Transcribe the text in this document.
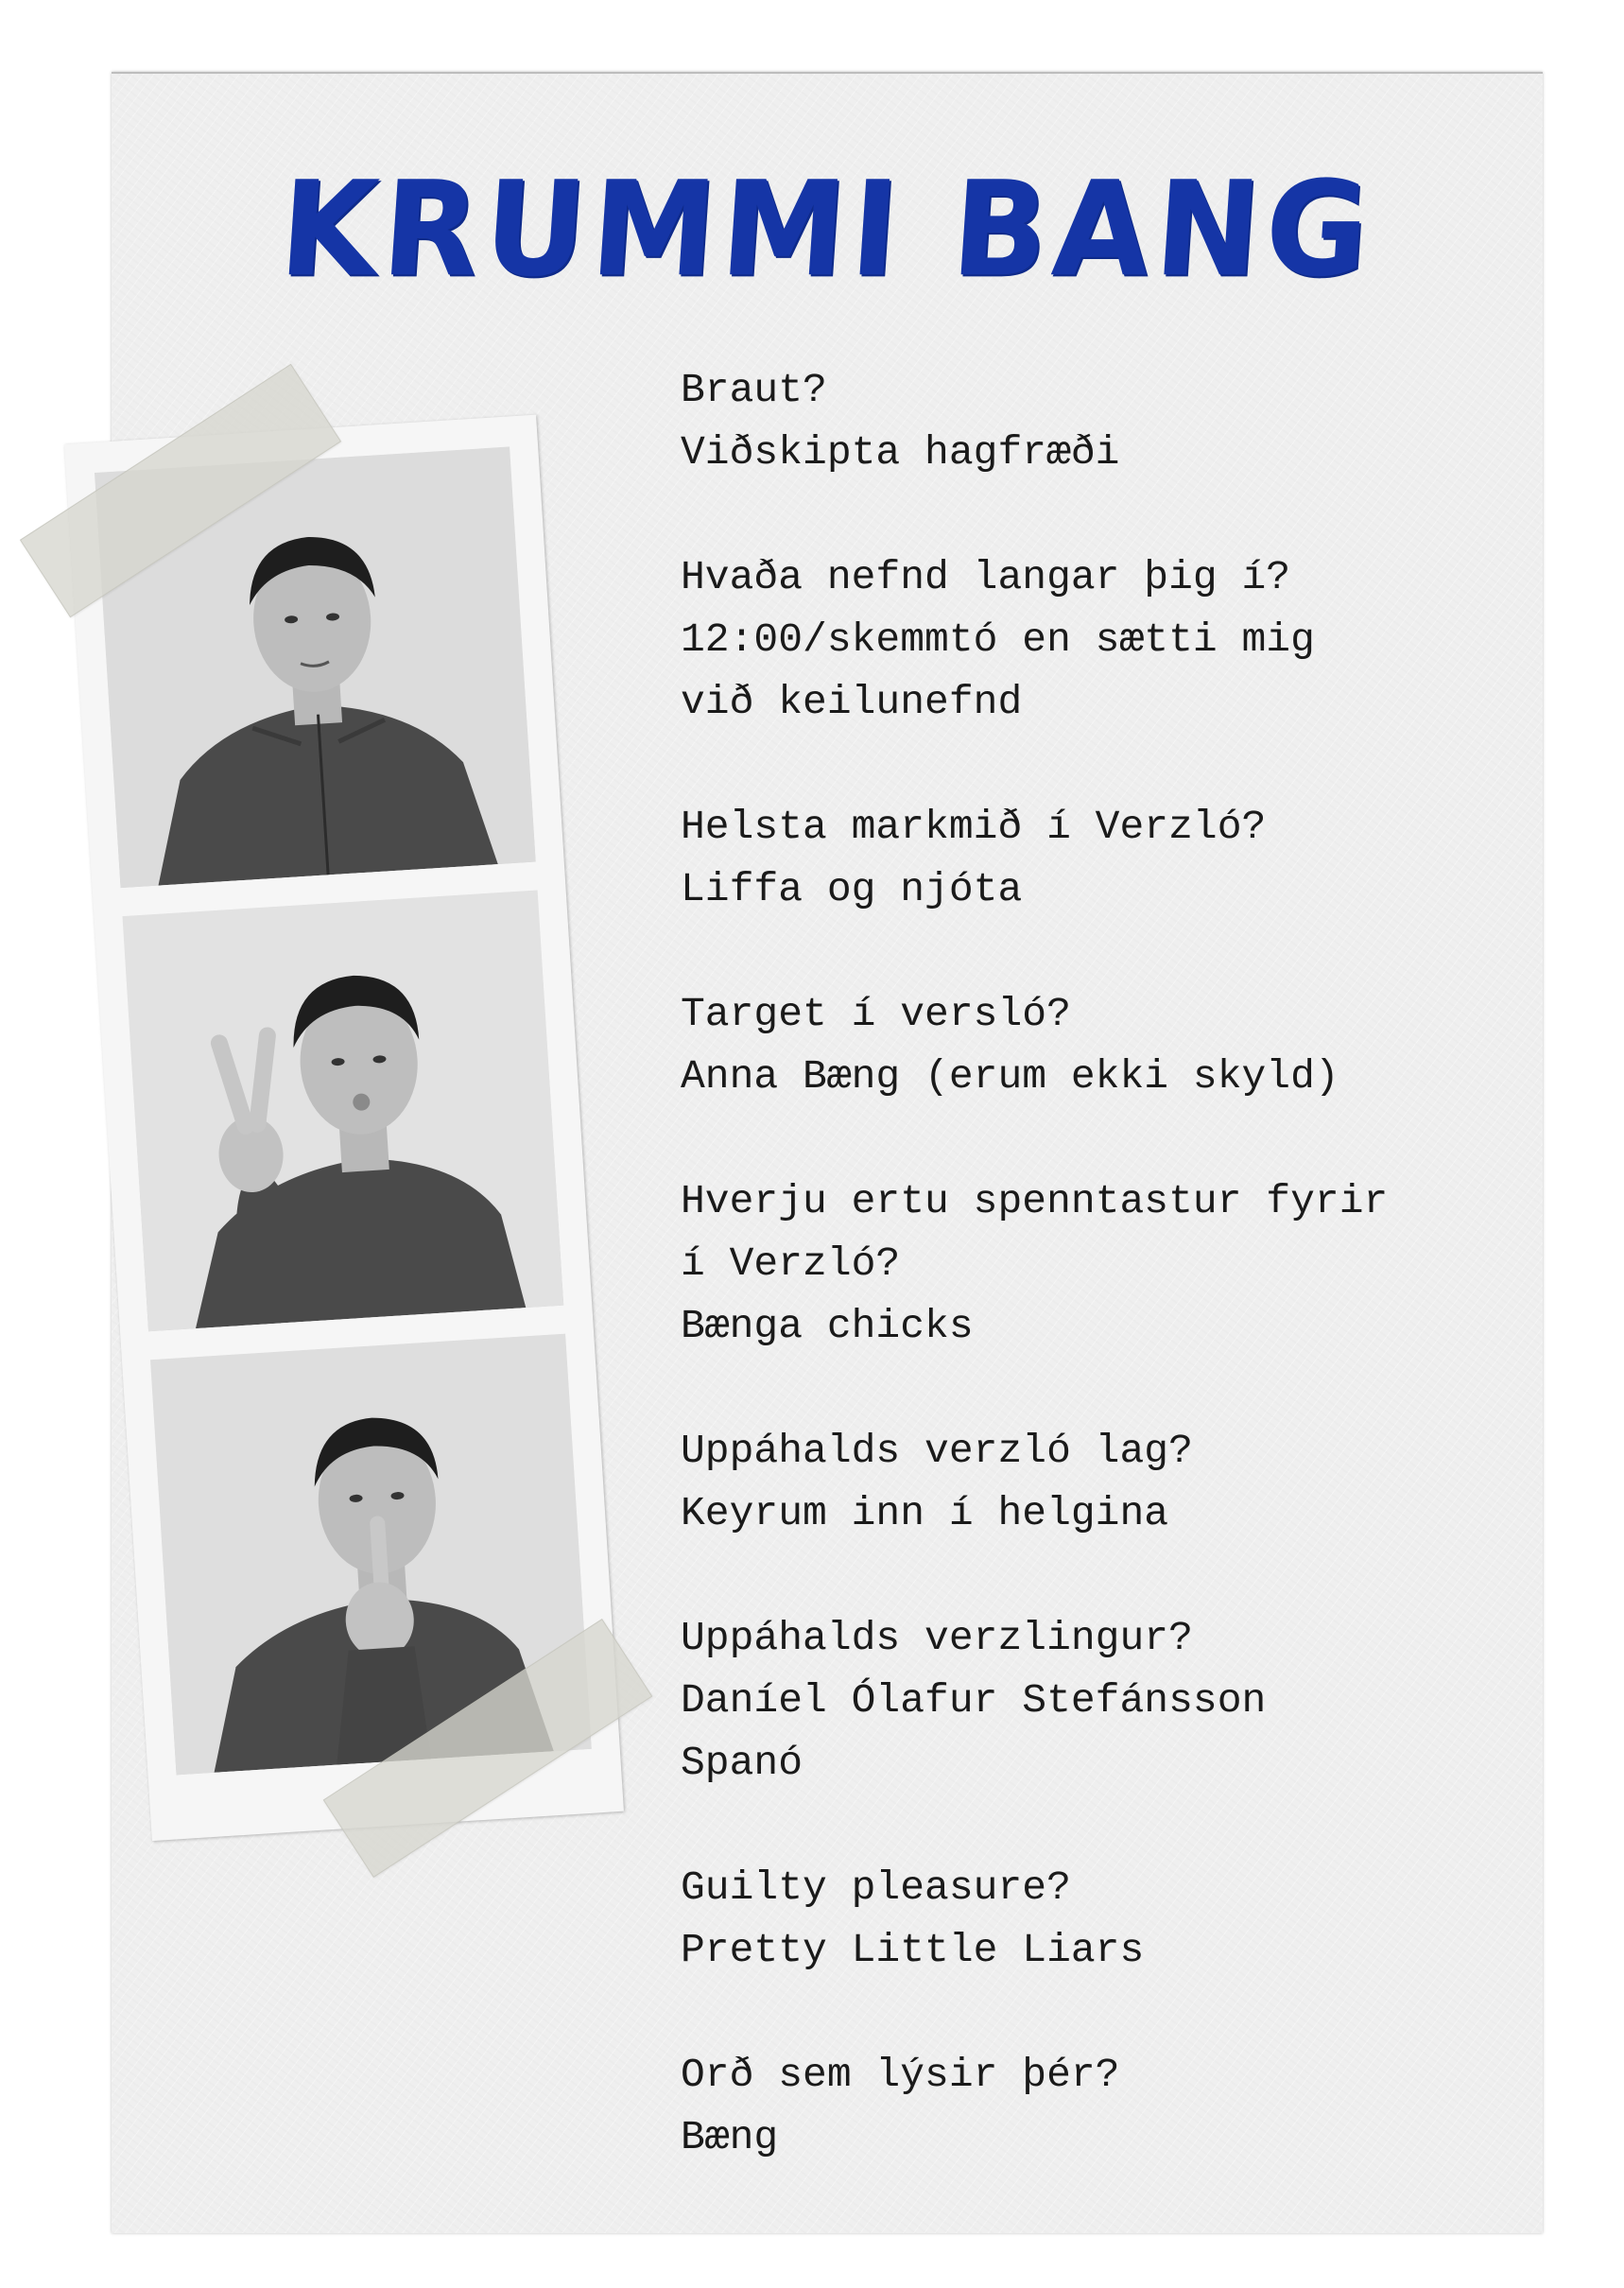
KRUMMI BANG
Braut?
Viðskipta hagfræði
Hvaða nefnd langar þig í?
12:00/skemmtó en sætti mig
við keilunefnd
Helsta markmið í Verzló?
Liffa og njóta
Target í versló?
Anna Bæng (erum ekki skyld)
Hverju ertu spenntastur fyrir
í Verzló?
Bænga chicks
Uppáhalds verzló lag?
Keyrum inn í helgina
Uppáhalds verzlingur?
Daníel Ólafur Stefánsson
Spanó
Guilty pleasure?
Pretty Little Liars
Orð sem lýsir þér?
Bæng
